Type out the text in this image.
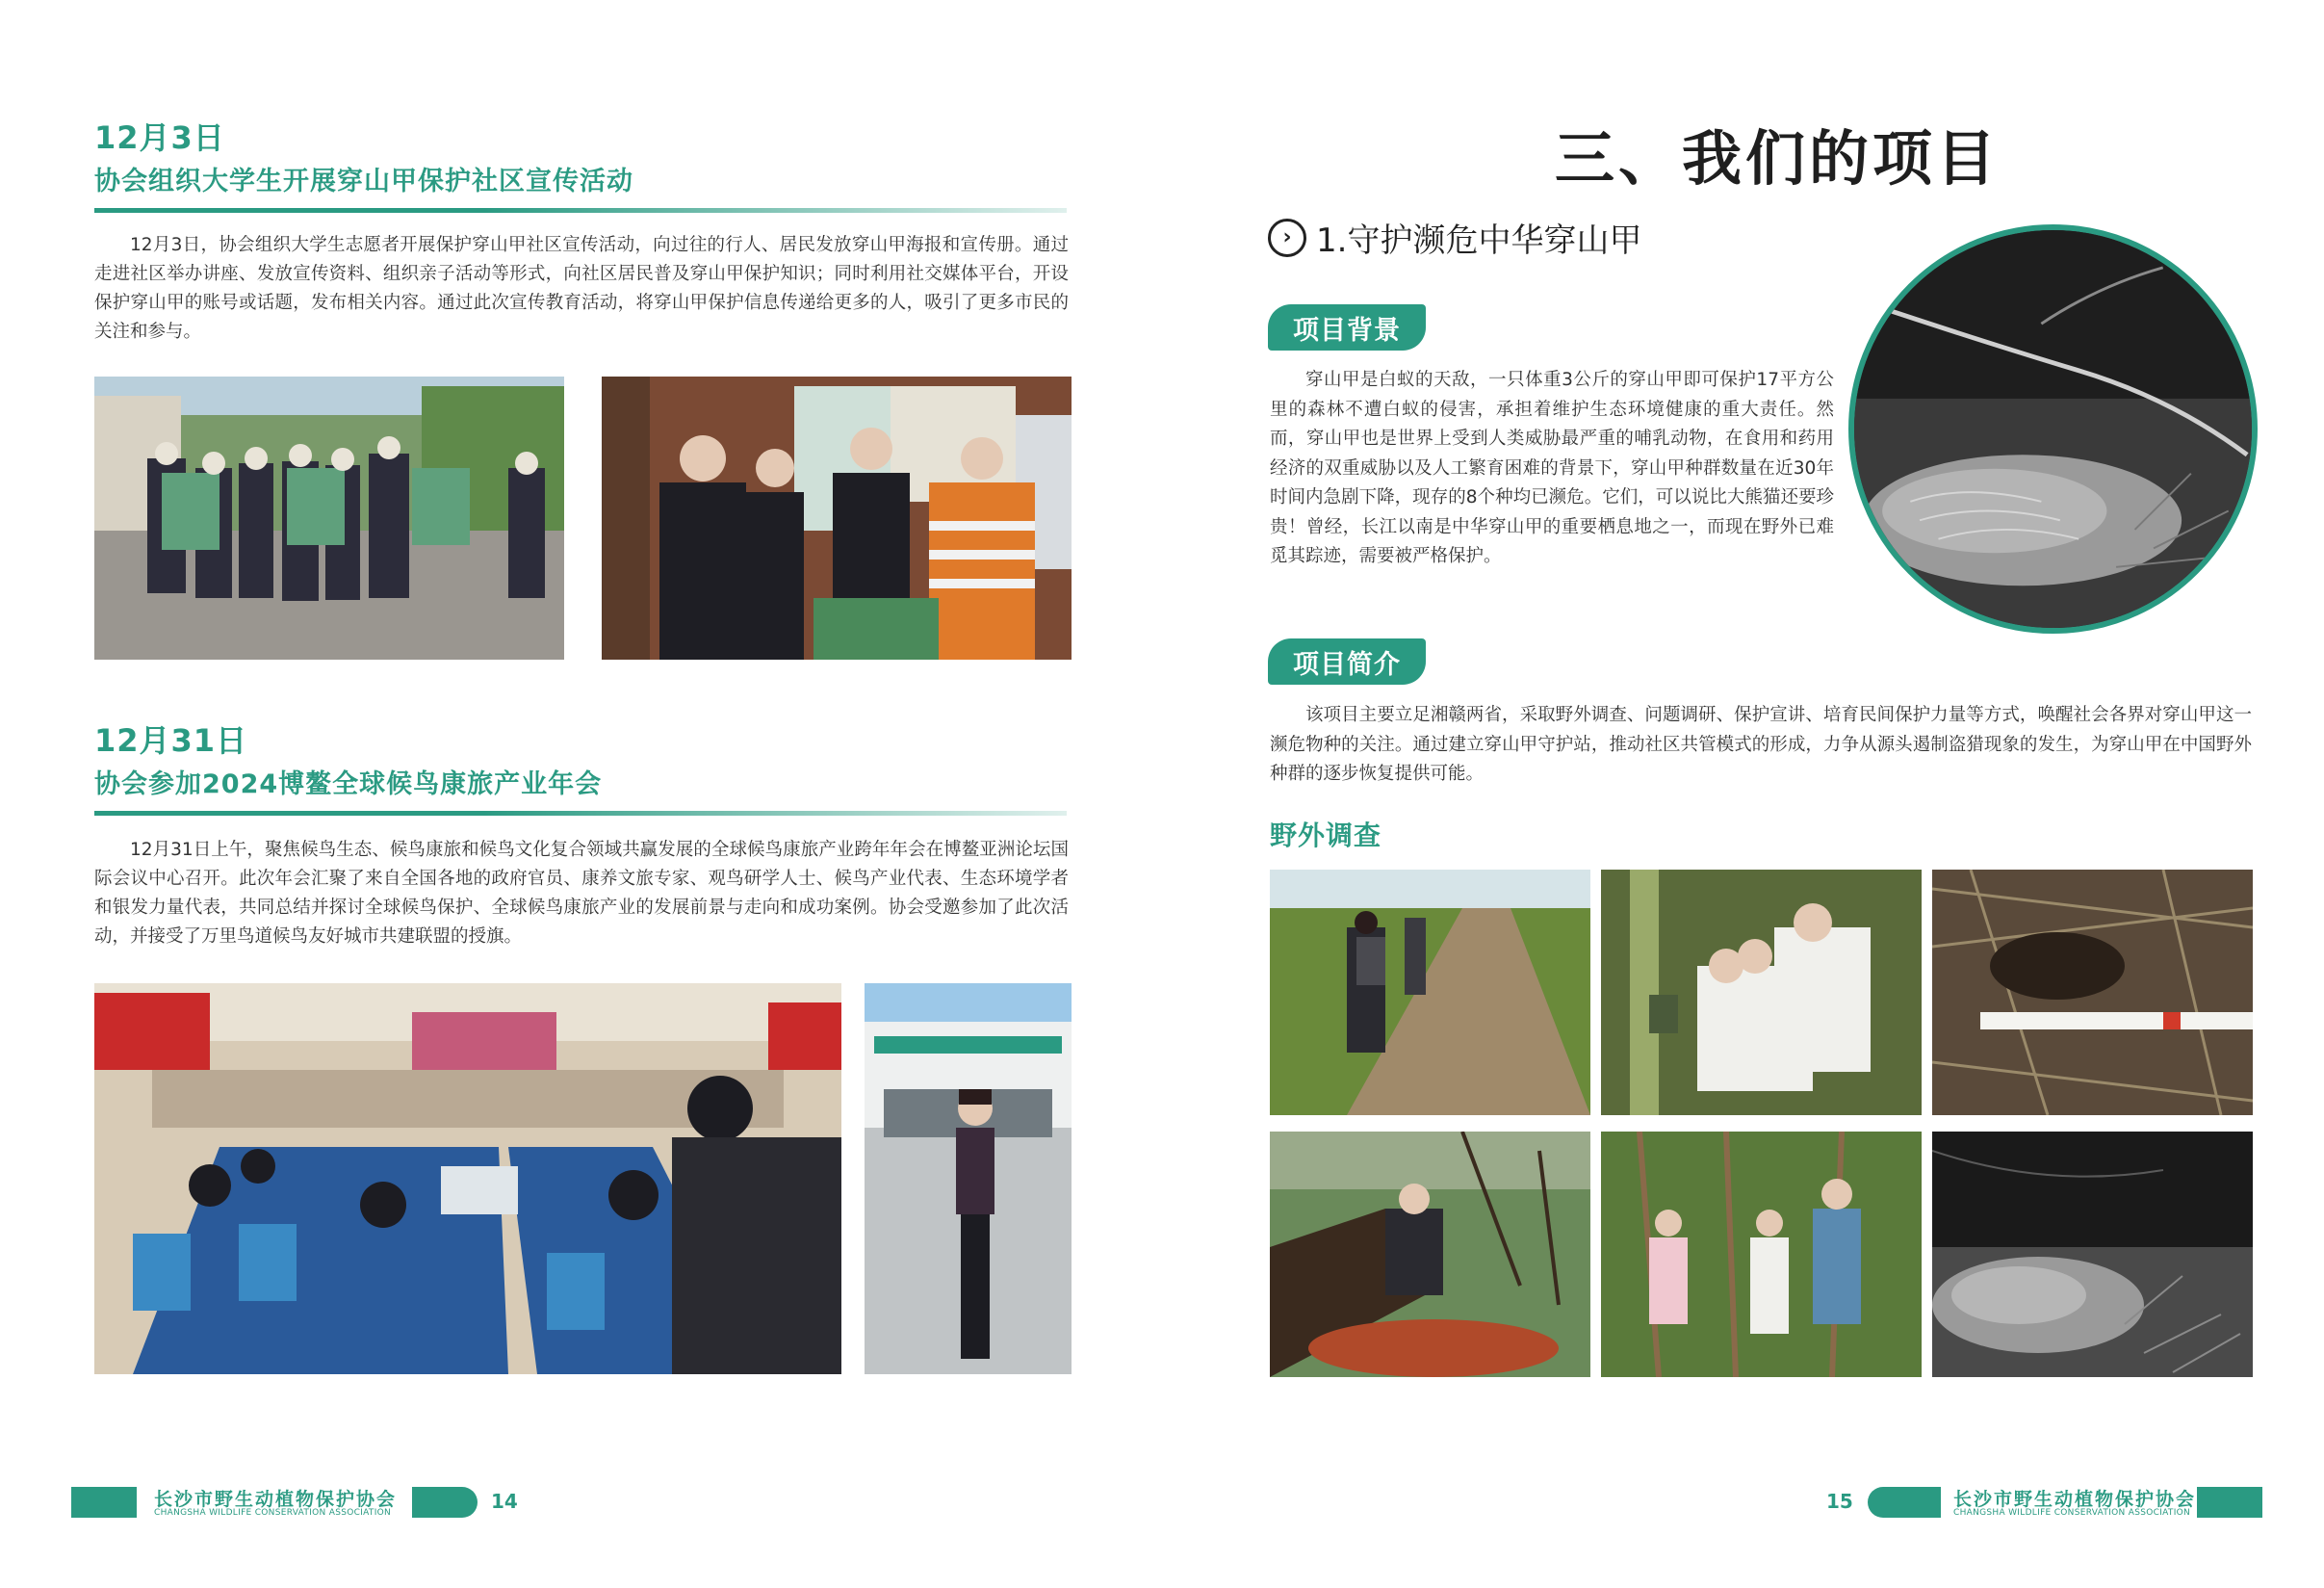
12月3日
协会组织大学生开展穿山甲保护社区宣传活动
12月3日，协会组织大学生志愿者开展保护穿山甲社区宣传活动，向过往的行人、居民发放穿山甲海报和宣传册。通过走进社区举办讲座、发放宣传资料、组织亲子活动等形式，向社区居民普及穿山甲保护知识；同时利用社交媒体平台，开设保护穿山甲的账号或话题，发布相关内容。通过此次宣传教育活动，将穿山甲保护信息传递给更多的人，吸引了更多市民的关注和参与。
12月31日
协会参加2024博鳌全球候鸟康旅产业年会
12月31日上午，聚焦候鸟生态、候鸟康旅和候鸟文化复合领域共赢发展的全球候鸟康旅产业跨年年会在博鳌亚洲论坛国际会议中心召开。此次年会汇聚了来自全国各地的政府官员、康养文旅专家、观鸟研学人士、候鸟产业代表、生态环境学者和银发力量代表，共同总结并探讨全球候鸟保护、全球候鸟康旅产业的发展前景与走向和成功案例。协会受邀参加了此次活动，并接受了万里鸟道候鸟友好城市共建联盟的授旗。
长沙市野生动植物保护协会
CHANGSHA WILDLIFE CONSERVATION ASSOCIATION	14
三、我们的项目
› 1.守护濒危中华穿山甲
项目背景
穿山甲是白蚁的天敌，一只体重3公斤的穿山甲即可保护17平方公里的森林不遭白蚁的侵害，承担着维护生态环境健康的重大责任。然而，穿山甲也是世界上受到人类威胁最严重的哺乳动物，在食用和药用经济的双重威胁以及人工繁育困难的背景下，穿山甲种群数量在近30年时间内急剧下降，现存的8个种均已濒危。它们，可以说比大熊猫还要珍贵！曾经，长江以南是中华穿山甲的重要栖息地之一，而现在野外已难觅其踪迹，需要被严格保护。
项目简介
该项目主要立足湘赣两省，采取野外调查、问题调研、保护宣讲、培育民间保护力量等方式，唤醒社会各界对穿山甲这一濒危物种的关注。通过建立穿山甲守护站，推动社区共管模式的形成，力争从源头遏制盗猎现象的发生，为穿山甲在中国野外种群的逐步恢复提供可能。
野外调查
15	长沙市野生动植物保护协会
CHANGSHA WILDLIFE CONSERVATION ASSOCIATION
